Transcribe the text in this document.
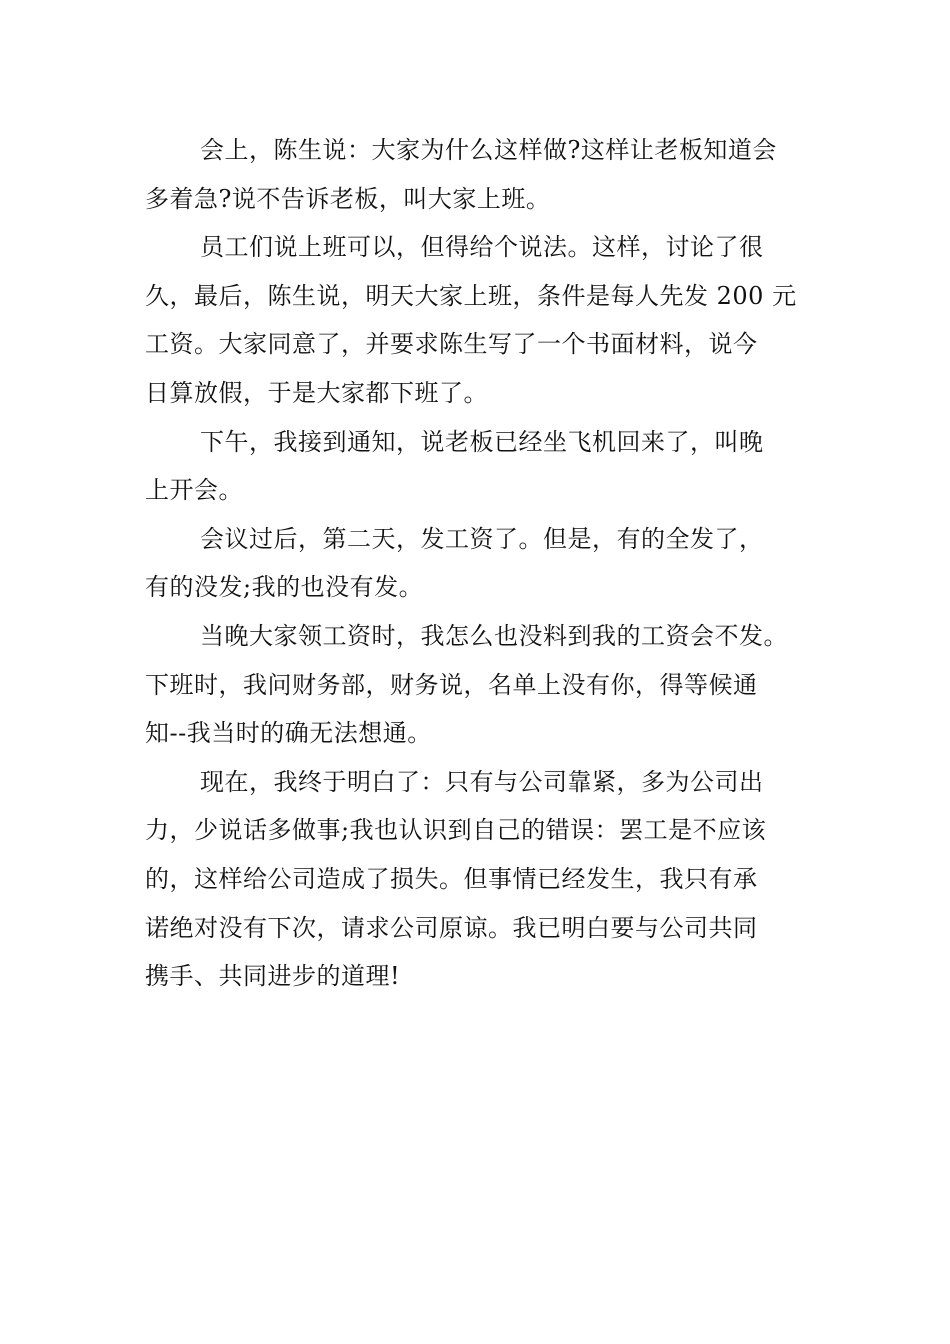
会上，陈生说：大家为什么这样做?这样让老板知道会
多着急?说不告诉老板，叫大家上班。
员工们说上班可以，但得给个说法。这样，讨论了很
久，最后，陈生说，明天大家上班，条件是每人先发 200 元
工资。大家同意了，并要求陈生写了一个书面材料，说今
日算放假，于是大家都下班了。
下午，我接到通知，说老板已经坐飞机回来了，叫晚
上开会。
会议过后，第二天，发工资了。但是，有的全发了，
有的没发;我的也没有发。
当晚大家领工资时，我怎么也没料到我的工资会不发。
下班时，我问财务部，财务说，名单上没有你，得等候通
知--我当时的确无法想通。
现在，我终于明白了：只有与公司靠紧，多为公司出
力，少说话多做事;我也认识到自己的错误：罢工是不应该
的，这样给公司造成了损失。但事情已经发生，我只有承
诺绝对没有下次，请求公司原谅。我已明白要与公司共同
携手、共同进步的道理!
